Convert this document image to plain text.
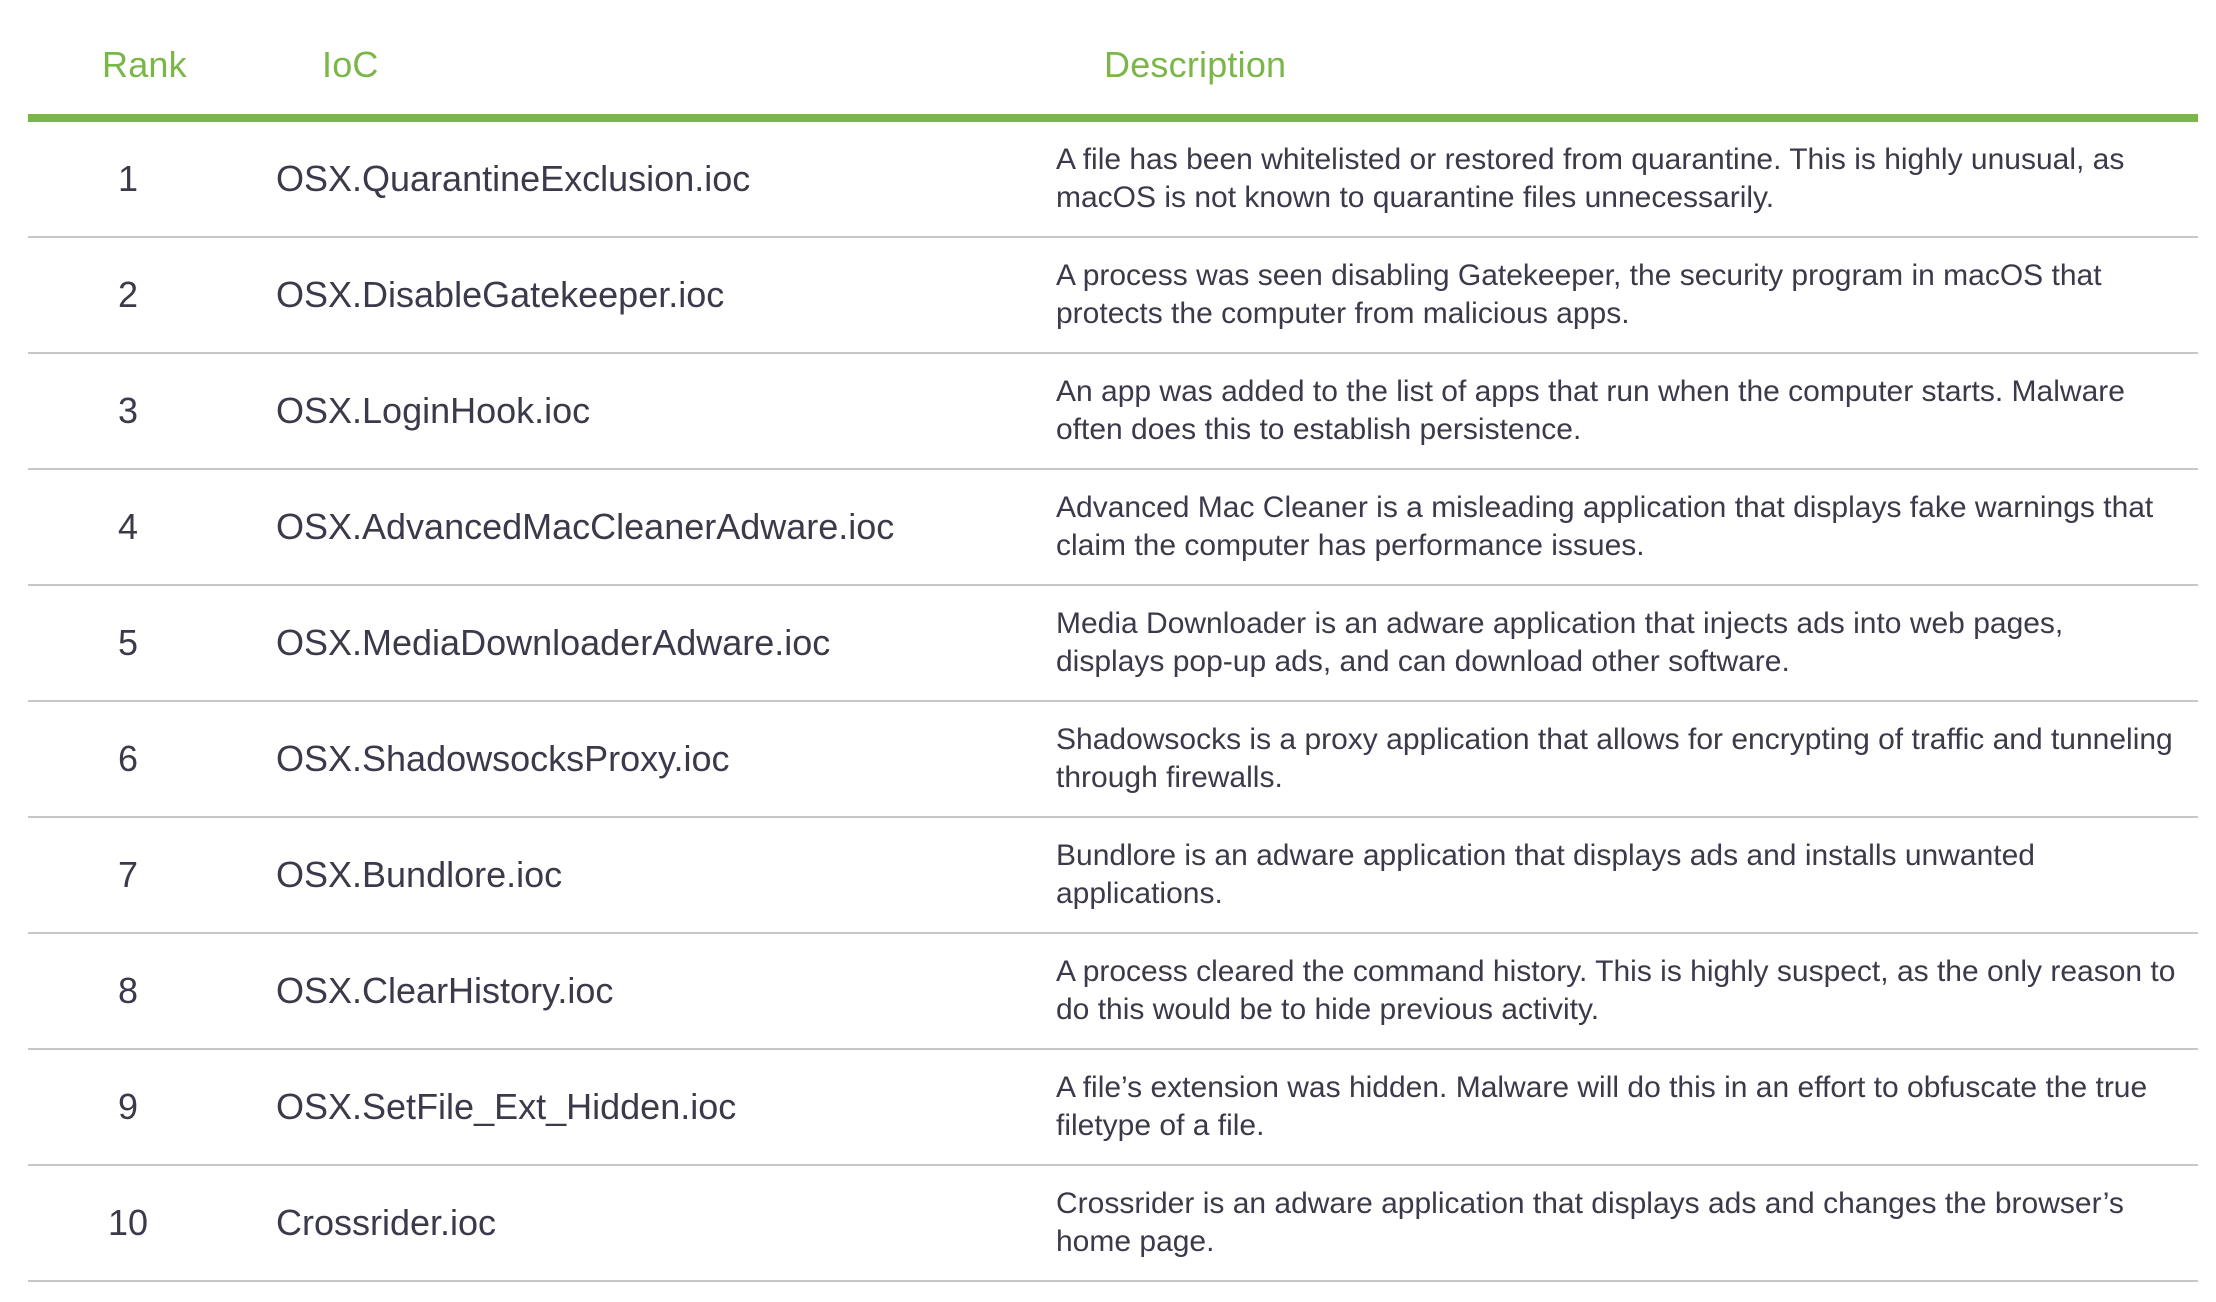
Rank	IoC	Description
1	OSX.QuarantineExclusion.ioc	A file has been whitelisted or restored from quarantine. This is highly unusual, as macOS is not known to quarantine files unnecessarily.
2	OSX.DisableGatekeeper.ioc	A process was seen disabling Gatekeeper, the security program in macOS that protects the computer from malicious apps.
3	OSX.LoginHook.ioc	An app was added to the list of apps that run when the computer starts. Malware often does this to establish persistence.
4	OSX.AdvancedMacCleanerAdware.ioc	Advanced Mac Cleaner is a misleading application that displays fake warnings that claim the computer has performance issues.
5	OSX.MediaDownloaderAdware.ioc	Media Downloader is an adware application that injects ads into web pages, displays pop-up ads, and can download other software.
6	OSX.ShadowsocksProxy.ioc	Shadowsocks is a proxy application that allows for encrypting of traffic and tunneling through firewalls.
7	OSX.Bundlore.ioc	Bundlore is an adware application that displays ads and installs unwanted applications.
8	OSX.ClearHistory.ioc	A process cleared the command history. This is highly suspect, as the only reason to do this would be to hide previous activity.
9	OSX.SetFile_Ext_Hidden.ioc	A file’s extension was hidden. Malware will do this in an effort to obfuscate the true filetype of a file.
10	Crossrider.ioc	Crossrider is an adware application that displays ads and changes the browser’s home page.
